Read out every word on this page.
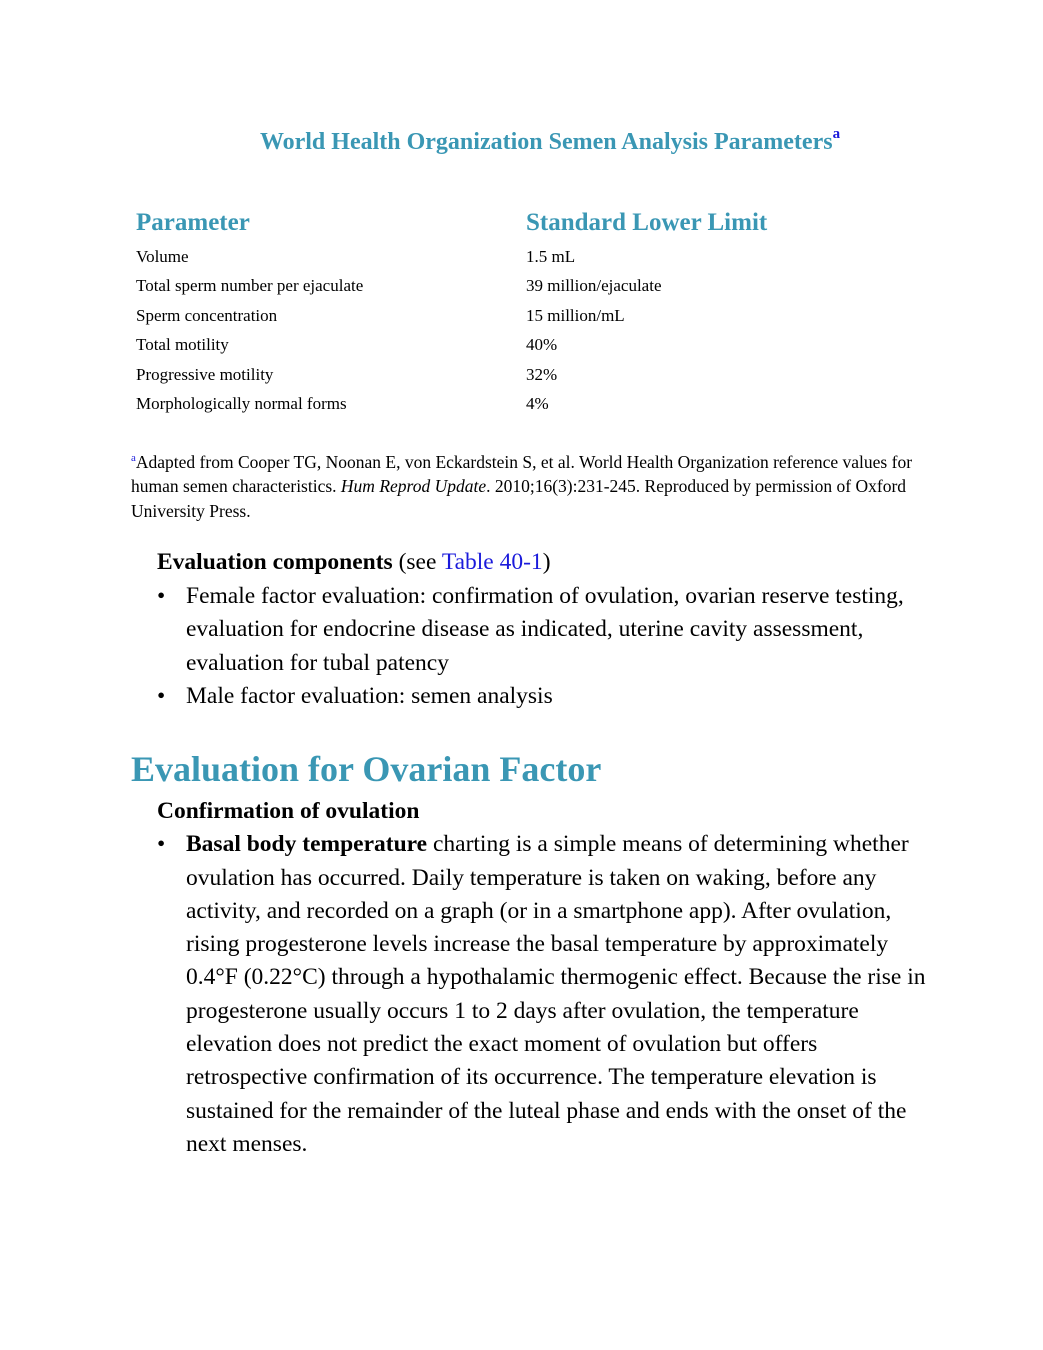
World Health Organization Semen Analysis Parameters$^a$
Parameter	Standard Lower Limit
Volume	1.5 mL
Total sperm number per ejaculate	39 million/ejaculate
Sperm concentration	15 million/mL
Total motility	40%
Progressive motility	32%
Morphologically normal forms	4%
$^a$Adapted from Cooper TG, Noonan E, von Eckardstein S, et al. World Health Organization reference values for human semen characteristics. Hum Reprod Update. 2010;16(3):231-245. Reproduced by permission of Oxford University Press.
Evaluation components (see Table 40-1)
• Female factor evaluation: confirmation of ovulation, ovarian reserve testing, evaluation for endocrine disease as indicated, uterine cavity assessment, evaluation for tubal patency
• Male factor evaluation: semen analysis
Evaluation for Ovarian Factor
Confirmation of ovulation
• Basal body temperature charting is a simple means of determining whether ovulation has occurred. Daily temperature is taken on waking, before any activity, and recorded on a graph (or in a smartphone app). After ovulation, rising progesterone levels increase the basal temperature by approximately 0.4°F (0.22°C) through a hypothalamic thermogenic effect. Because the rise in progesterone usually occurs 1 to 2 days after ovulation, the temperature elevation does not predict the exact moment of ovulation but offers retrospective confirmation of its occurrence. The temperature elevation is sustained for the remainder of the luteal phase and ends with the onset of the next menses.
